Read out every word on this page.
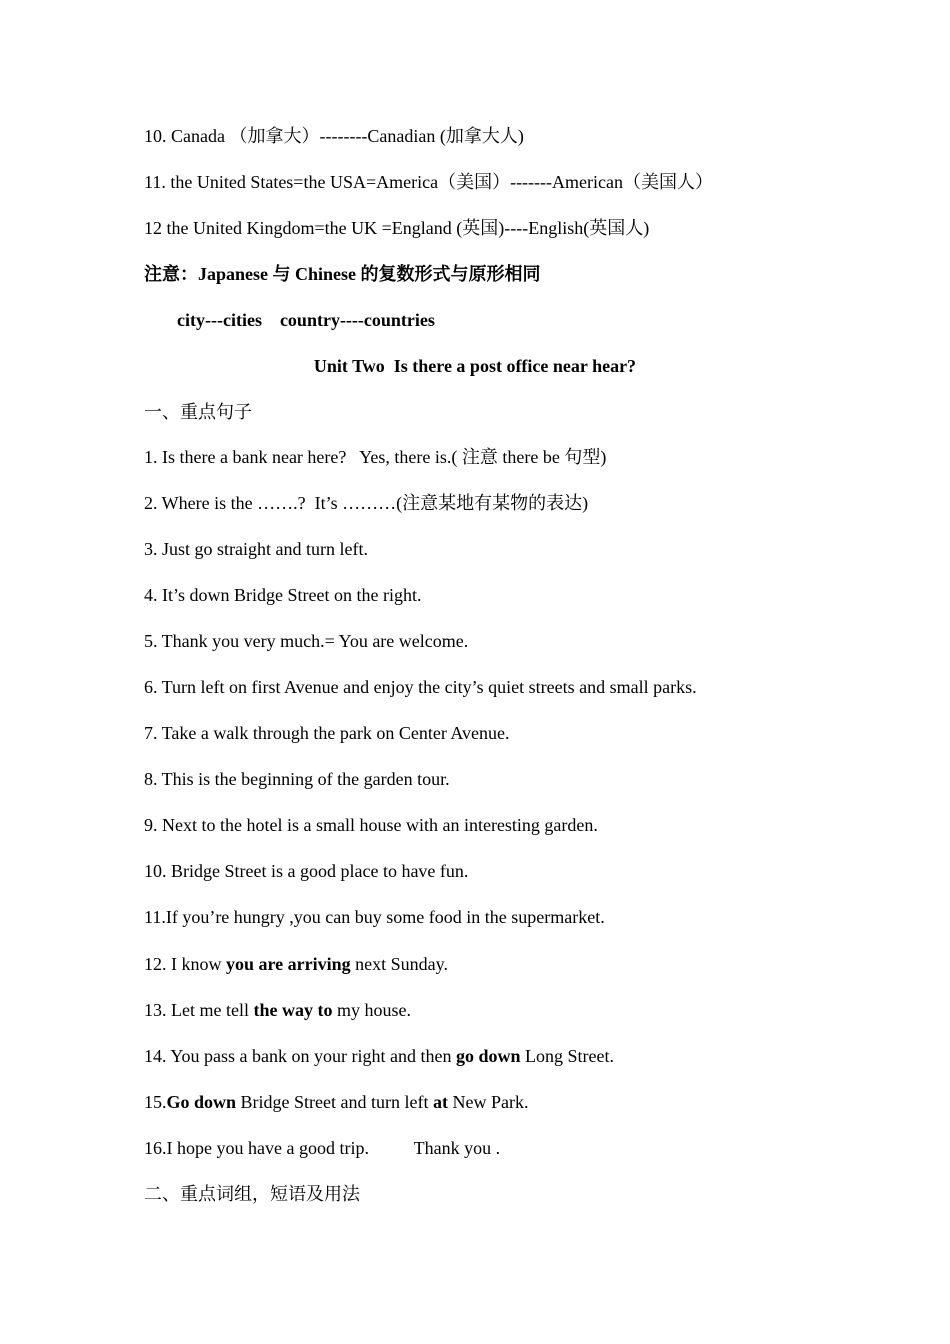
10. Canada （加拿大）--------Canadian (加拿大人)
11. the United States=the USA=America（美国）-------American（美国人）
12 the United Kingdom=the UK =England (英国)----English(英国人)
注意：Japanese 与 Chinese 的复数形式与原形相同
city---cities    country----countries
Unit Two  Is there a post office near hear?
一、重点句子
1. Is there a bank near here?   Yes, there is.( 注意 there be 句型)
2. Where is the …….?  It’s ………(注意某地有某物的表达)
3. Just go straight and turn left.
4. It’s down Bridge Street on the right.
5. Thank you very much.= You are welcome.
6. Turn left on first Avenue and enjoy the city’s quiet streets and small parks.
7. Take a walk through the park on Center Avenue.
8. This is the beginning of the garden tour.
9. Next to the hotel is a small house with an interesting garden.
10. Bridge Street is a good place to have fun.
11.If you’re hungry ,you can buy some food in the supermarket.
12. I know you are arriving next Sunday.
13. Let me tell the way to my house.
14. You pass a bank on your right and then go down Long Street.
15.Go down Bridge Street and turn left at New Park.
16.I hope you have a good trip.          Thank you .
二、重点词组，短语及用法
